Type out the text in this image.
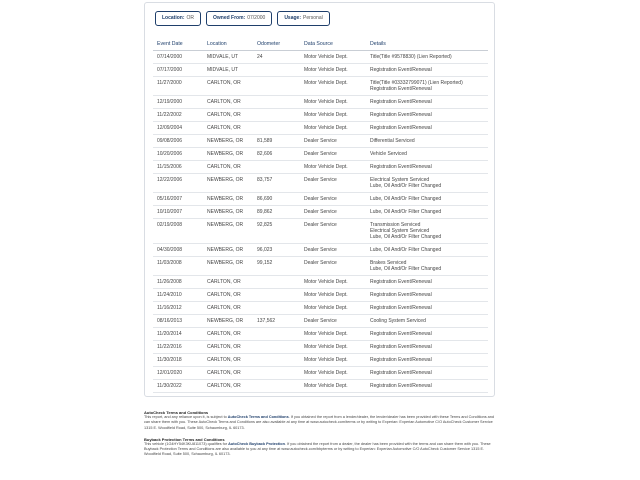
Location: OR	Owned From: 07/2000	Usage: Personal
Event Date	Location	Odometer	Data Source	Details
07/14/2000	MIDVALE, UT	24	Motor Vehicle Dept.	Title(Title #9578830) (Lien Reported)

07/17/2000	MIDVALE, UT		Motor Vehicle Dept.	Registration Event/Renewal

11/27/2000	CARLTON, OR		Motor Vehicle Dept.	Title(Title #03332799071) (Lien Reported)
Registration Event/Renewal

12/19/2000	CARLTON, OR		Motor Vehicle Dept.	Registration Event/Renewal

11/22/2002	CARLTON, OR		Motor Vehicle Dept.	Registration Event/Renewal

12/09/2004	CARLTON, OR		Motor Vehicle Dept.	Registration Event/Renewal

09/08/2006	NEWBERG, OR	81,589	Dealer Service	Differential Serviced

10/20/2006	NEWBERG, OR	82,606	Dealer Service	Vehicle Serviced

11/15/2006	CARLTON, OR		Motor Vehicle Dept.	Registration Event/Renewal

12/22/2006	NEWBERG, OR	83,757	Dealer Service	Electrical System Serviced
Lube, Oil And/Or Filter Changed

05/16/2007	NEWBERG, OR	86,690	Dealer Service	Lube, Oil And/Or Filter Changed

10/10/2007	NEWBERG, OR	89,862	Dealer Service	Lube, Oil And/Or Filter Changed

02/19/2008	NEWBERG, OR	92,825	Dealer Service	Transmission Serviced
Electrical System Serviced
Lube, Oil And/Or Filter Changed

04/30/2008	NEWBERG, OR	96,023	Dealer Service	Lube, Oil And/Or Filter Changed

11/03/2008	NEWBERG, OR	99,152	Dealer Service	Brakes Serviced
Lube, Oil And/Or Filter Changed

11/26/2008	CARLTON, OR		Motor Vehicle Dept.	Registration Event/Renewal

11/24/2010	CARLTON, OR		Motor Vehicle Dept.	Registration Event/Renewal

11/16/2012	CARLTON, OR		Motor Vehicle Dept.	Registration Event/Renewal

08/16/2013	NEWBERG, OR	137,562	Dealer Service	Cooling System Serviced

11/20/2014	CARLTON, OR		Motor Vehicle Dept.	Registration Event/Renewal

11/22/2016	CARLTON, OR		Motor Vehicle Dept.	Registration Event/Renewal

11/30/2018	CARLTON, OR		Motor Vehicle Dept.	Registration Event/Renewal

12/01/2020	CARLTON, OR		Motor Vehicle Dept.	Registration Event/Renewal

11/30/2022	CARLTON, OR		Motor Vehicle Dept.	Registration Event/Renewal
AutoCheck Terms and Conditions

This report, and any reliance upon it, is subject to AutoCheck Terms and Conditions. If you obtained the report from a lender/dealer, the lender/dealer has been provided with these Terms and Conditions and can share them with you. These AutoCheck Terms and Conditions are also available at any time at www.autocheck.com/terms or by writing to Experian: Experian Automotive C/O AutoCheck Customer Service 1315 E. Woodfield Road, Suite 500, Schaumburg, IL 60173.

Buyback Protection Terms and Conditions

This vehicle (1G4HY54K3KU811073) qualifies for AutoCheck Buyback Protection. If you obtained the report from a dealer, the dealer has been provided with the terms and can share them with you. These Buyback Protection Terms and Conditions are also available to you at any time at www.autocheck.com/bbpterms or by writing to Experian: Experian Automotive C/O AutoCheck Customer Service 1315 E. Woodfield Road, Suite 500, Schaumburg, IL 60173.
